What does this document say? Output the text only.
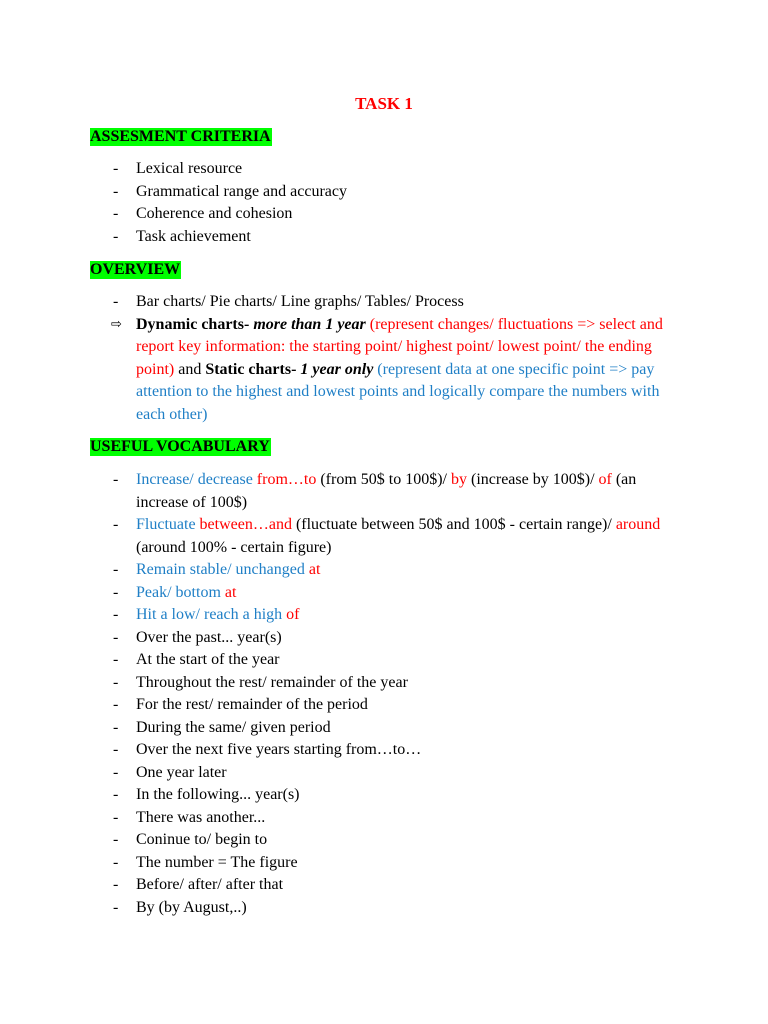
TASK 1
ASSESMENT CRITERIA
- Lexical resource
- Grammatical range and accuracy
- Coherence and cohesion
- Task achievement
OVERVIEW
- Bar charts/ Pie charts/ Line graphs/ Tables/ Process
⇨ Dynamic charts- more than 1 year (represent changes/ fluctuations => select and report key information: the starting point/ highest point/ lowest point/ the ending point) and Static charts- 1 year only (represent data at one specific point => pay attention to the highest and lowest points and logically compare the numbers with each other)
USEFUL VOCABULARY
- Increase/ decrease from…to (from 50$ to 100$)/ by (increase by 100$)/ of (an increase of 100$)
- Fluctuate between…and (fluctuate between 50$ and 100$ - certain range)/ around (around 100% - certain figure)
- Remain stable/ unchanged at
- Peak/ bottom at
- Hit a low/ reach a high of
- Over the past... year(s)
- At the start of the year
- Throughout the rest/ remainder of the year
- For the rest/ remainder of the period
- During the same/ given period
- Over the next five years starting from…to…
- One year later
- In the following... year(s)
- There was another...
- Coninue to/ begin to
- The number = The figure
- Before/ after/ after that
- By (by August,..)
